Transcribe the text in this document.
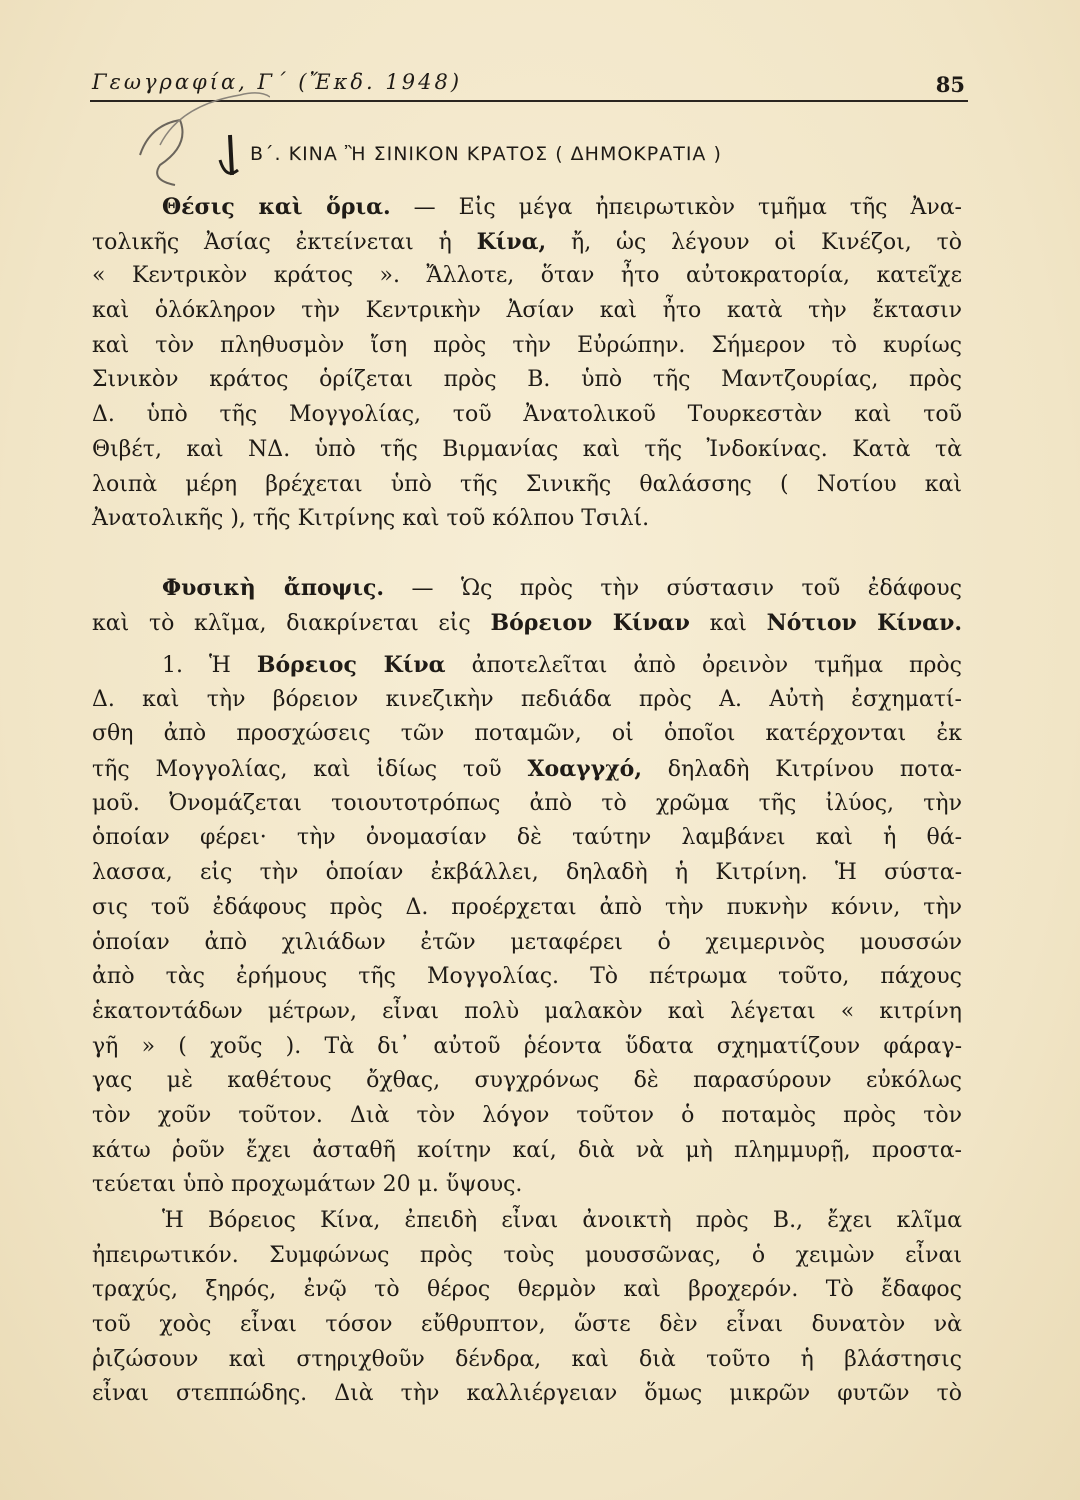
Γεωγραφία, Γ΄ (Ἔκδ. 1948)	85
Β΄. ΚΙΝΑ Ἢ ΣΙΝΙΚΟΝ ΚΡΑΤΟΣ ( ΔΗΜΟΚΡΑΤΙΑ )
Θέσις καὶ ὅρια. — Εἰς μέγα ἠπειρωτικὸν τμῆμα τῆς Ἀνα-
τολικῆς Ἀσίας ἐκτείνεται ἡ Κίνα, ἤ, ὡς λέγουν οἱ Κινέζοι, τὸ
« Κεντρικὸν κράτος ». Ἄλλοτε, ὅταν ἦτο αὐτοκρατορία, κατεῖχε
καὶ ὁλόκληρον τὴν Κεντρικὴν Ἀσίαν καὶ ἦτο κατὰ τὴν ἔκτασιν
καὶ τὸν πληθυσμὸν ἴση πρὸς τὴν Εὐρώπην. Σήμερον τὸ κυρίως
Σινικὸν κράτος ὁρίζεται πρὸς Β. ὑπὸ τῆς Μαντζουρίας, πρὸς
Δ. ὑπὸ τῆς Μογγολίας, τοῦ Ἀνατολικοῦ Τουρκεστὰν καὶ τοῦ
Θιβέτ, καὶ ΝΔ. ὑπὸ τῆς Βιρμανίας καὶ τῆς Ἰνδοκίνας. Κατὰ τὰ
λοιπὰ μέρη βρέχεται ὑπὸ τῆς Σινικῆς θαλάσσης ( Νοτίου καὶ
Ἀνατολικῆς ), τῆς Κιτρίνης καὶ τοῦ κόλπου Τσιλί.
Φυσικὴ ἄποψις. — Ὡς πρὸς τὴν σύστασιν τοῦ ἐδάφους
καὶ τὸ κλῖμα, διακρίνεται εἰς Βόρειον Κίναν καὶ Νότιον Κίναν.
1. Ἡ Βόρειος Κίνα ἀποτελεῖται ἀπὸ ὀρεινὸν τμῆμα πρὸς
Δ. καὶ τὴν βόρειον κινεζικὴν πεδιάδα πρὸς Α. Αὐτὴ ἐσχηματί-
σθη ἀπὸ προσχώσεις τῶν ποταμῶν, οἱ ὁποῖοι κατέρχονται ἐκ
τῆς Μογγολίας, καὶ ἰδίως τοῦ Χοαγγχό, δηλαδὴ Κιτρίνου ποτα-
μοῦ. Ὀνομάζεται τοιουτοτρόπως ἀπὸ τὸ χρῶμα τῆς ἰλύος, τὴν
ὁποίαν φέρει· τὴν ὀνομασίαν δὲ ταύτην λαμβάνει καὶ ἡ θά-
λασσα, εἰς τὴν ὁποίαν ἐκβάλλει, δηλαδὴ ἡ Κιτρίνη. Ἡ σύστα-
σις τοῦ ἐδάφους πρὸς Δ. προέρχεται ἀπὸ τὴν πυκνὴν κόνιν, τὴν
ὁποίαν ἀπὸ χιλιάδων ἐτῶν μεταφέρει ὁ χειμερινὸς μουσσών
ἀπὸ τὰς ἐρήμους τῆς Μογγολίας. Τὸ πέτρωμα τοῦτο, πάχους
ἑκατοντάδων μέτρων, εἶναι πολὺ μαλακὸν καὶ λέγεται « κιτρίνη
γῆ » ( χοῦς ). Τὰ δι᾿ αὐτοῦ ῥέοντα ὕδατα σχηματίζουν φάραγ-
γας μὲ καθέτους ὄχθας, συγχρόνως δὲ παρασύρουν εὐκόλως
τὸν χοῦν τοῦτον. Διὰ τὸν λόγον τοῦτον ὁ ποταμὸς πρὸς τὸν
κάτω ῥοῦν ἔχει ἀσταθῆ κοίτην καί, διὰ νὰ μὴ πλημμυρῇ, προστα-
τεύεται ὑπὸ προχωμάτων 20 μ. ὕψους.
Ἡ Βόρειος Κίνα, ἐπειδὴ εἶναι ἀνοικτὴ πρὸς Β., ἔχει κλῖμα
ἠπειρωτικόν. Συμφώνως πρὸς τοὺς μουσσῶνας, ὁ χειμὼν εἶναι
τραχύς, ξηρός, ἐνῷ τὸ θέρος θερμὸν καὶ βροχερόν. Τὸ ἔδαφος
τοῦ χοὸς εἶναι τόσον εὔθρυπτον, ὥστε δὲν εἶναι δυνατὸν νὰ
ῥιζώσουν καὶ στηριχθοῦν δένδρα, καὶ διὰ τοῦτο ἡ βλάστησις
εἶναι στεππώδης. Διὰ τὴν καλλιέργειαν ὅμως μικρῶν φυτῶν τὸ
